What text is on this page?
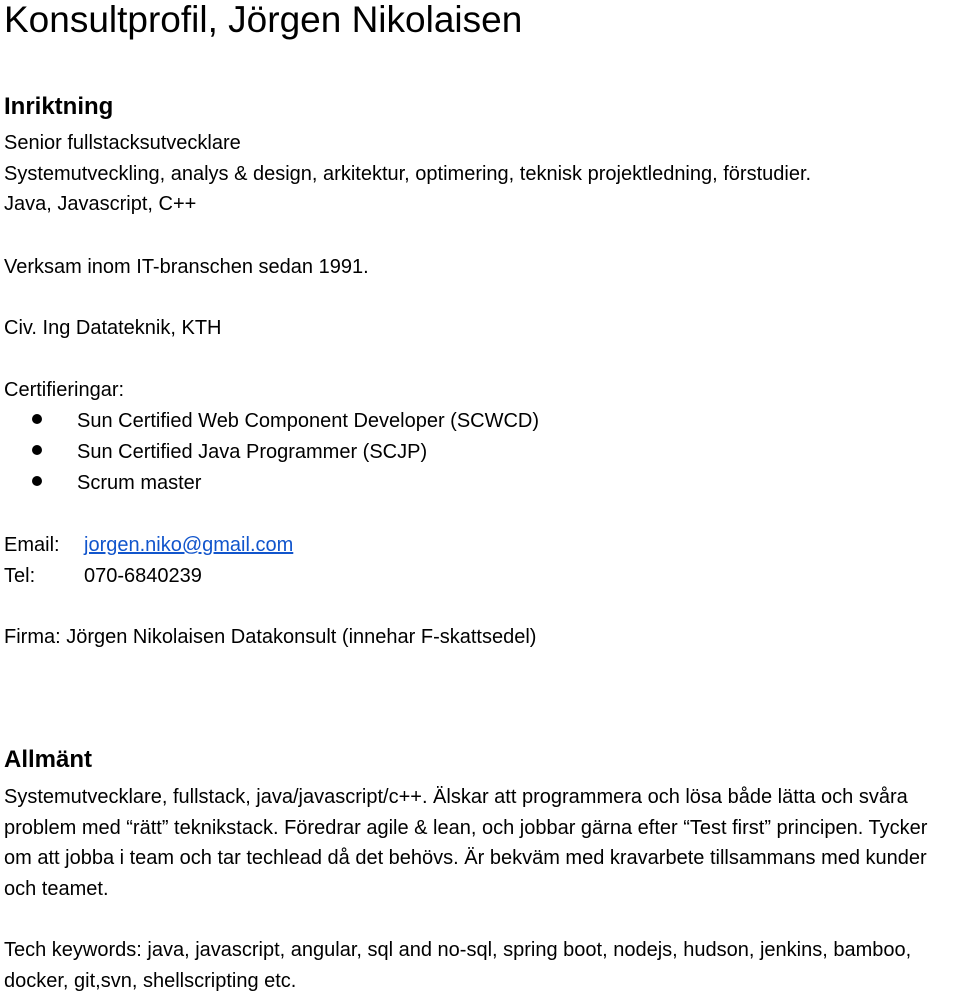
Konsultprofil, Jörgen Nikolaisen
Inriktning
Senior fullstacksutvecklare
Systemutveckling, analys & design, arkitektur, optimering, teknisk projektledning, förstudier.
Java, Javascript, C++
Verksam inom IT-branschen sedan 1991.
Civ. Ing Datateknik, KTH
Certifieringar:
Sun Certified Web Component Developer (SCWCD)
Sun Certified Java Programmer (SCJP)
Scrum master
Email: jorgen.niko@gmail.com
Tel: 070-6840239
Firma: Jörgen Nikolaisen Datakonsult (innehar F-skattsedel)
Allmänt

Systemutvecklare, fullstack, java/javascript/c++. Älskar att programmera och lösa både lätta och svåra problem med “rätt” teknikstack. Föredrar agile & lean, och jobbar gärna efter “Test first” principen. Tycker om att jobba i team och tar techlead då det behövs. Är bekväm med kravarbete tillsammans med kunder och teamet.

Tech keywords: java, javascript, angular, sql and no-sql, spring boot, nodejs, hudson, jenkins, bamboo, docker, git,svn, shellscripting etc.
